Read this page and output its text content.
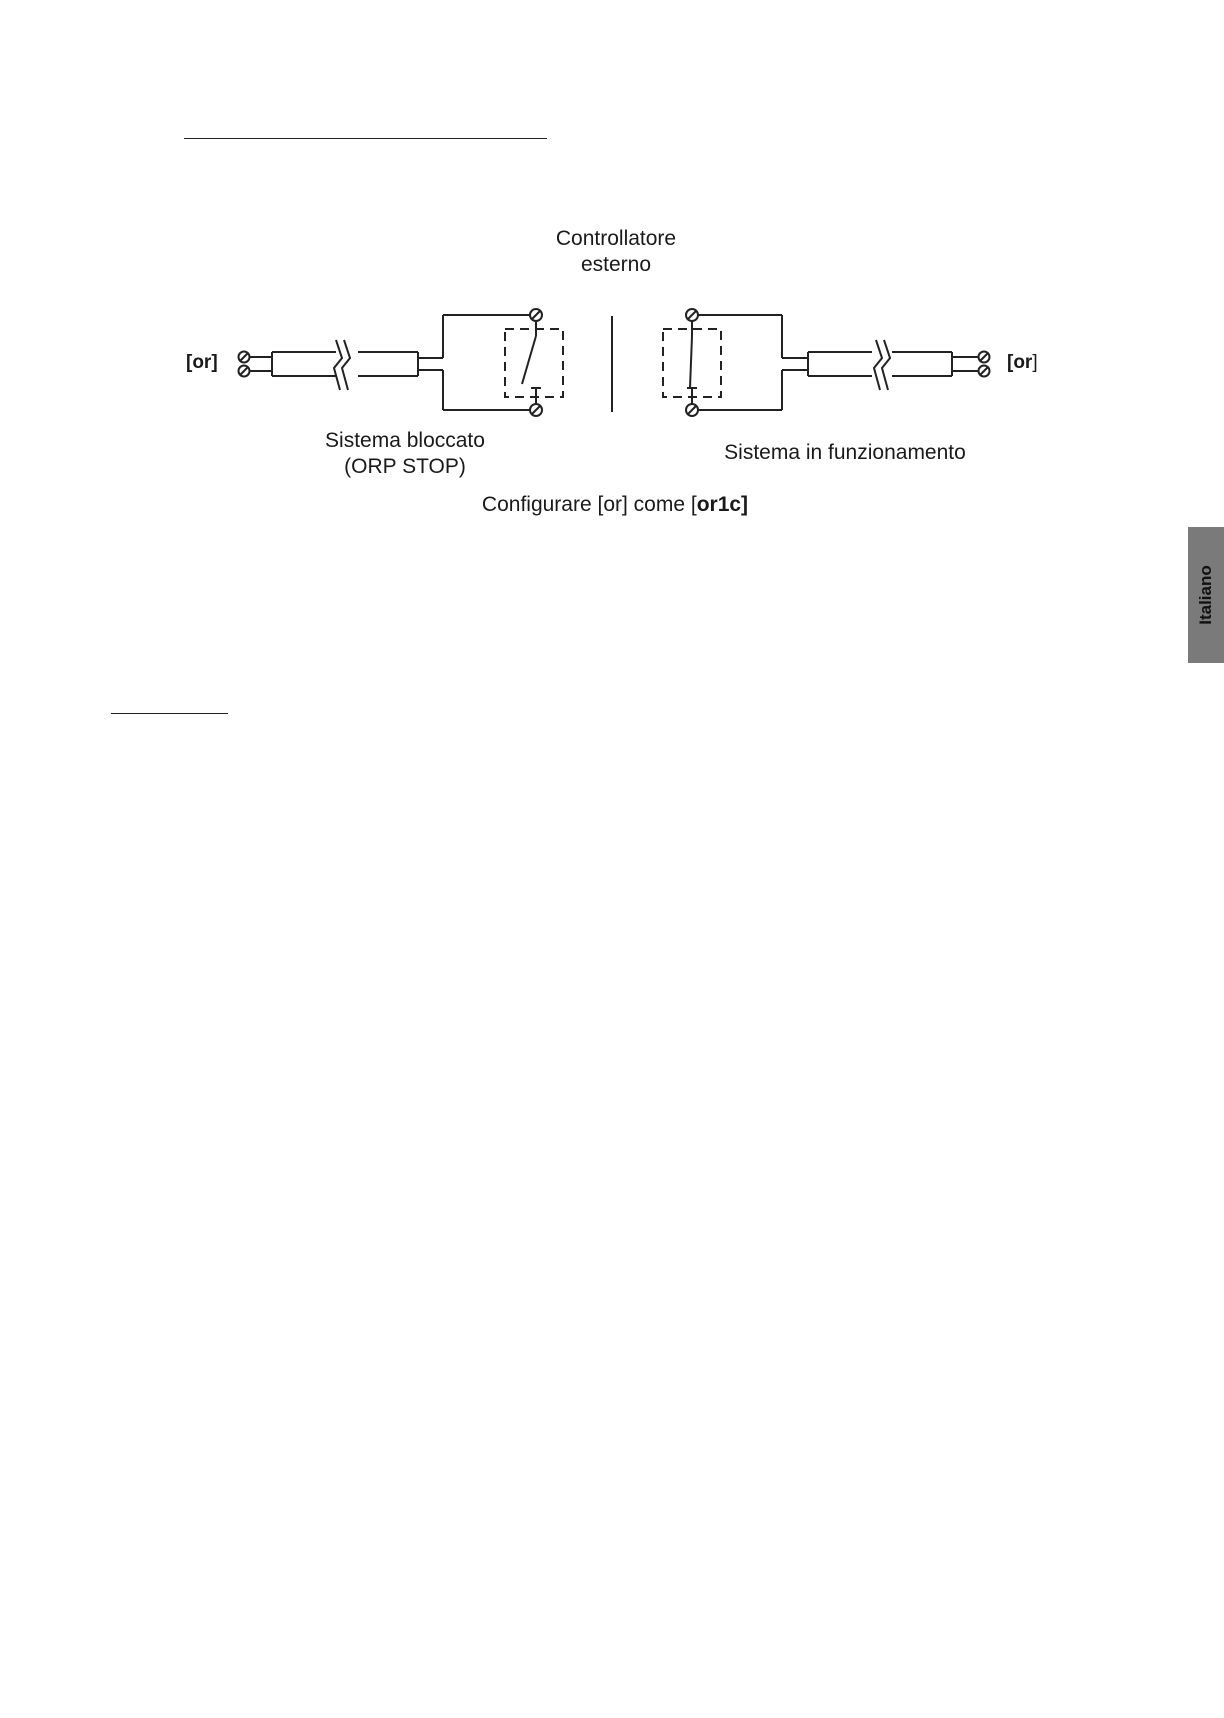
Controllatore
esterno
[or]	[or]
Sistema bloccato
(ORP STOP)
Sistema in funzionamento
Configurare [or] come [or1c]
Italiano
